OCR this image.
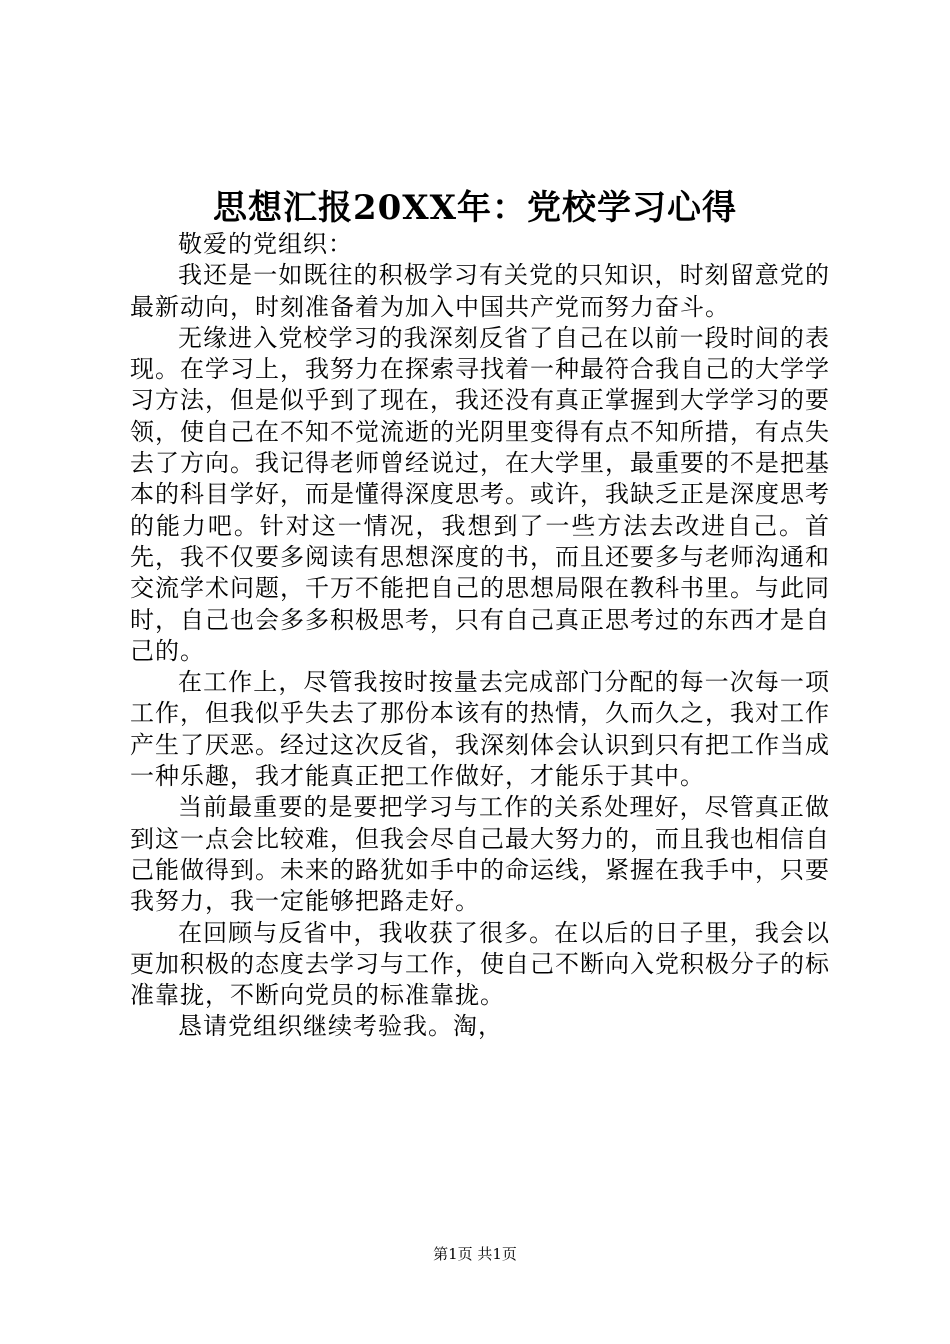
思想汇报20XX年：党校学习心得

敬爱的党组织：

我还是一如既往的积极学习有关党的只知识，时刻留意党的最新动向，时刻准备着为加入中国共产党而努力奋斗。

无缘进入党校学习的我深刻反省了自己在以前一段时间的表现。在学习上，我努力在探索寻找着一种最符合我自己的大学学习方法，但是似乎到了现在，我还没有真正掌握到大学学习的要领，使自己在不知不觉流逝的光阴里变得有点不知所措，有点失去了方向。我记得老师曾经说过，在大学里，最重要的不是把基本的科目学好，而是懂得深度思考。或许，我缺乏正是深度思考的能力吧。针对这一情况，我想到了一些方法去改进自己。首先，我不仅要多阅读有思想深度的书，而且还要多与老师沟通和交流学术问题，千万不能把自己的思想局限在教科书里。与此同时，自己也会多多积极思考，只有自己真正思考过的东西才是自己的。

在工作上，尽管我按时按量去完成部门分配的每一次每一项工作，但我似乎失去了那份本该有的热情，久而久之，我对工作产生了厌恶。经过这次反省，我深刻体会认识到只有把工作当成一种乐趣，我才能真正把工作做好，才能乐于其中。

当前最重要的是要把学习与工作的关系处理好，尽管真正做到这一点会比较难，但我会尽自己最大努力的，而且我也相信自己能做得到。未来的路犹如手中的命运线，紧握在我手中，只要我努力，我一定能够把路走好。

在回顾与反省中，我收获了很多。在以后的日子里，我会以更加积极的态度去学习与工作，使自己不断向入党积极分子的标准靠拢，不断向党员的标准靠拢。

恳请党组织继续考验我。淘，

第1页 共1页
